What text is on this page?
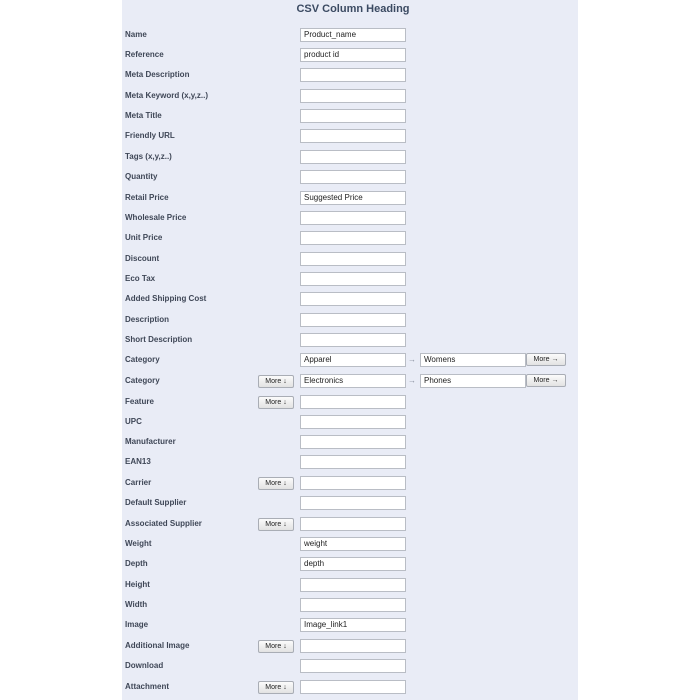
CSV Column Heading
Name	Product_name
Reference	product id
Meta Description
Meta Keyword (x,y,z..)
Meta Title
Friendly URL
Tags (x,y,z..)
Quantity
Retail Price	Suggested Price
Wholesale Price
Unit Price
Discount
Eco Tax
Added Shipping Cost
Description
Short Description
Category	Apparel	→	Womens	More →
Category	More ↓	Electronics	→	Phones	More →
Feature	More ↓
UPC
Manufacturer
EAN13
Carrier	More ↓
Default Supplier
Associated Supplier	More ↓
Weight	weight
Depth	depth
Height
Width
Image	Image_link1
Additional Image	More ↓
Download
Attachment	More ↓
